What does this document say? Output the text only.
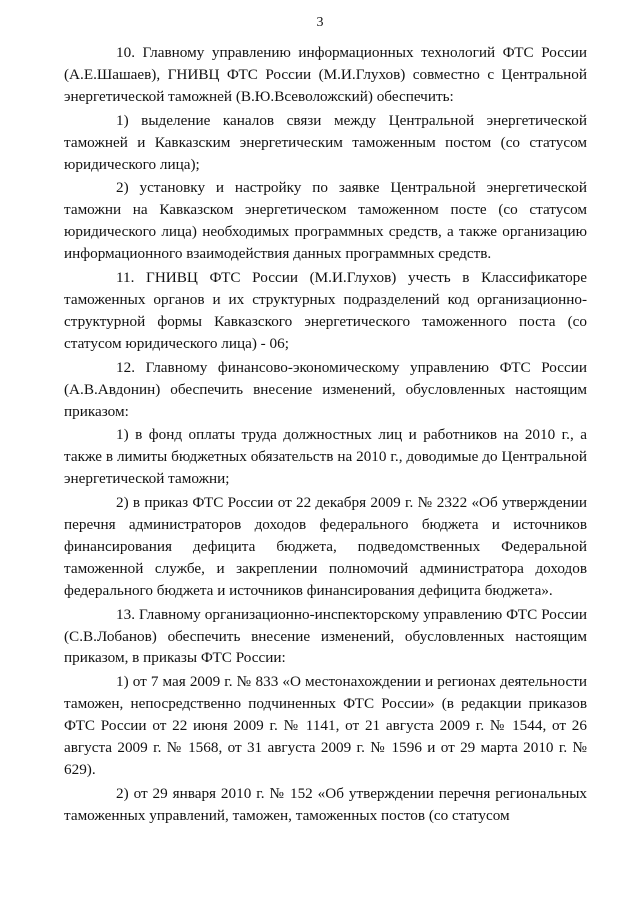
3

10. Главному управлению информационных технологий ФТС России (А.Е.Шашаев), ГНИВЦ ФТС России (М.И.Глухов) совместно с Центральной энергетической таможней (В.Ю.Всеволожский) обеспечить:

1) выделение каналов связи между Центральной энергетической таможней и Кавказским энергетическим таможенным постом (со статусом юридического лица);

2) установку и настройку по заявке Центральной энергетической таможни на Кавказском энергетическом таможенном посте (со статусом юридического лица) необходимых программных средств, а также организацию информационного взаимодействия данных программных средств.

11. ГНИВЦ ФТС России (М.И.Глухов) учесть в Классификаторе таможенных органов и их структурных подразделений код организационно-структурной формы Кавказского энергетического таможенного поста (со статусом юридического лица) - 06;

12. Главному финансово-экономическому управлению ФТС России (А.В.Авдонин) обеспечить внесение изменений, обусловленных настоящим приказом:

1) в фонд оплаты труда должностных лиц и работников на 2010 г., а также в лимиты бюджетных обязательств на 2010 г., доводимые до Центральной энергетической таможни;

2) в приказ ФТС России от 22 декабря 2009 г. № 2322 «Об утверждении перечня администраторов доходов федерального бюджета и источников финансирования дефицита бюджета, подведомственных Федеральной таможенной службе, и закреплении полномочий администратора доходов федерального бюджета и источников финансирования дефицита бюджета».

13. Главному организационно-инспекторскому управлению ФТС России (С.В.Лобанов) обеспечить внесение изменений, обусловленных настоящим приказом, в приказы ФТС России:

1) от 7 мая 2009 г. № 833 «О местонахождении и регионах деятельности таможен, непосредственно подчиненных ФТС России» (в редакции приказов ФТС России от 22 июня 2009 г. № 1141, от 21 августа 2009 г. № 1544, от 26 августа 2009 г. № 1568, от 31 августа 2009 г. № 1596 и от 29 марта 2010 г. № 629).

2) от 29 января 2010 г. № 152 «Об утверждении перечня региональных таможенных управлений, таможен, таможенных постов (со статусом
